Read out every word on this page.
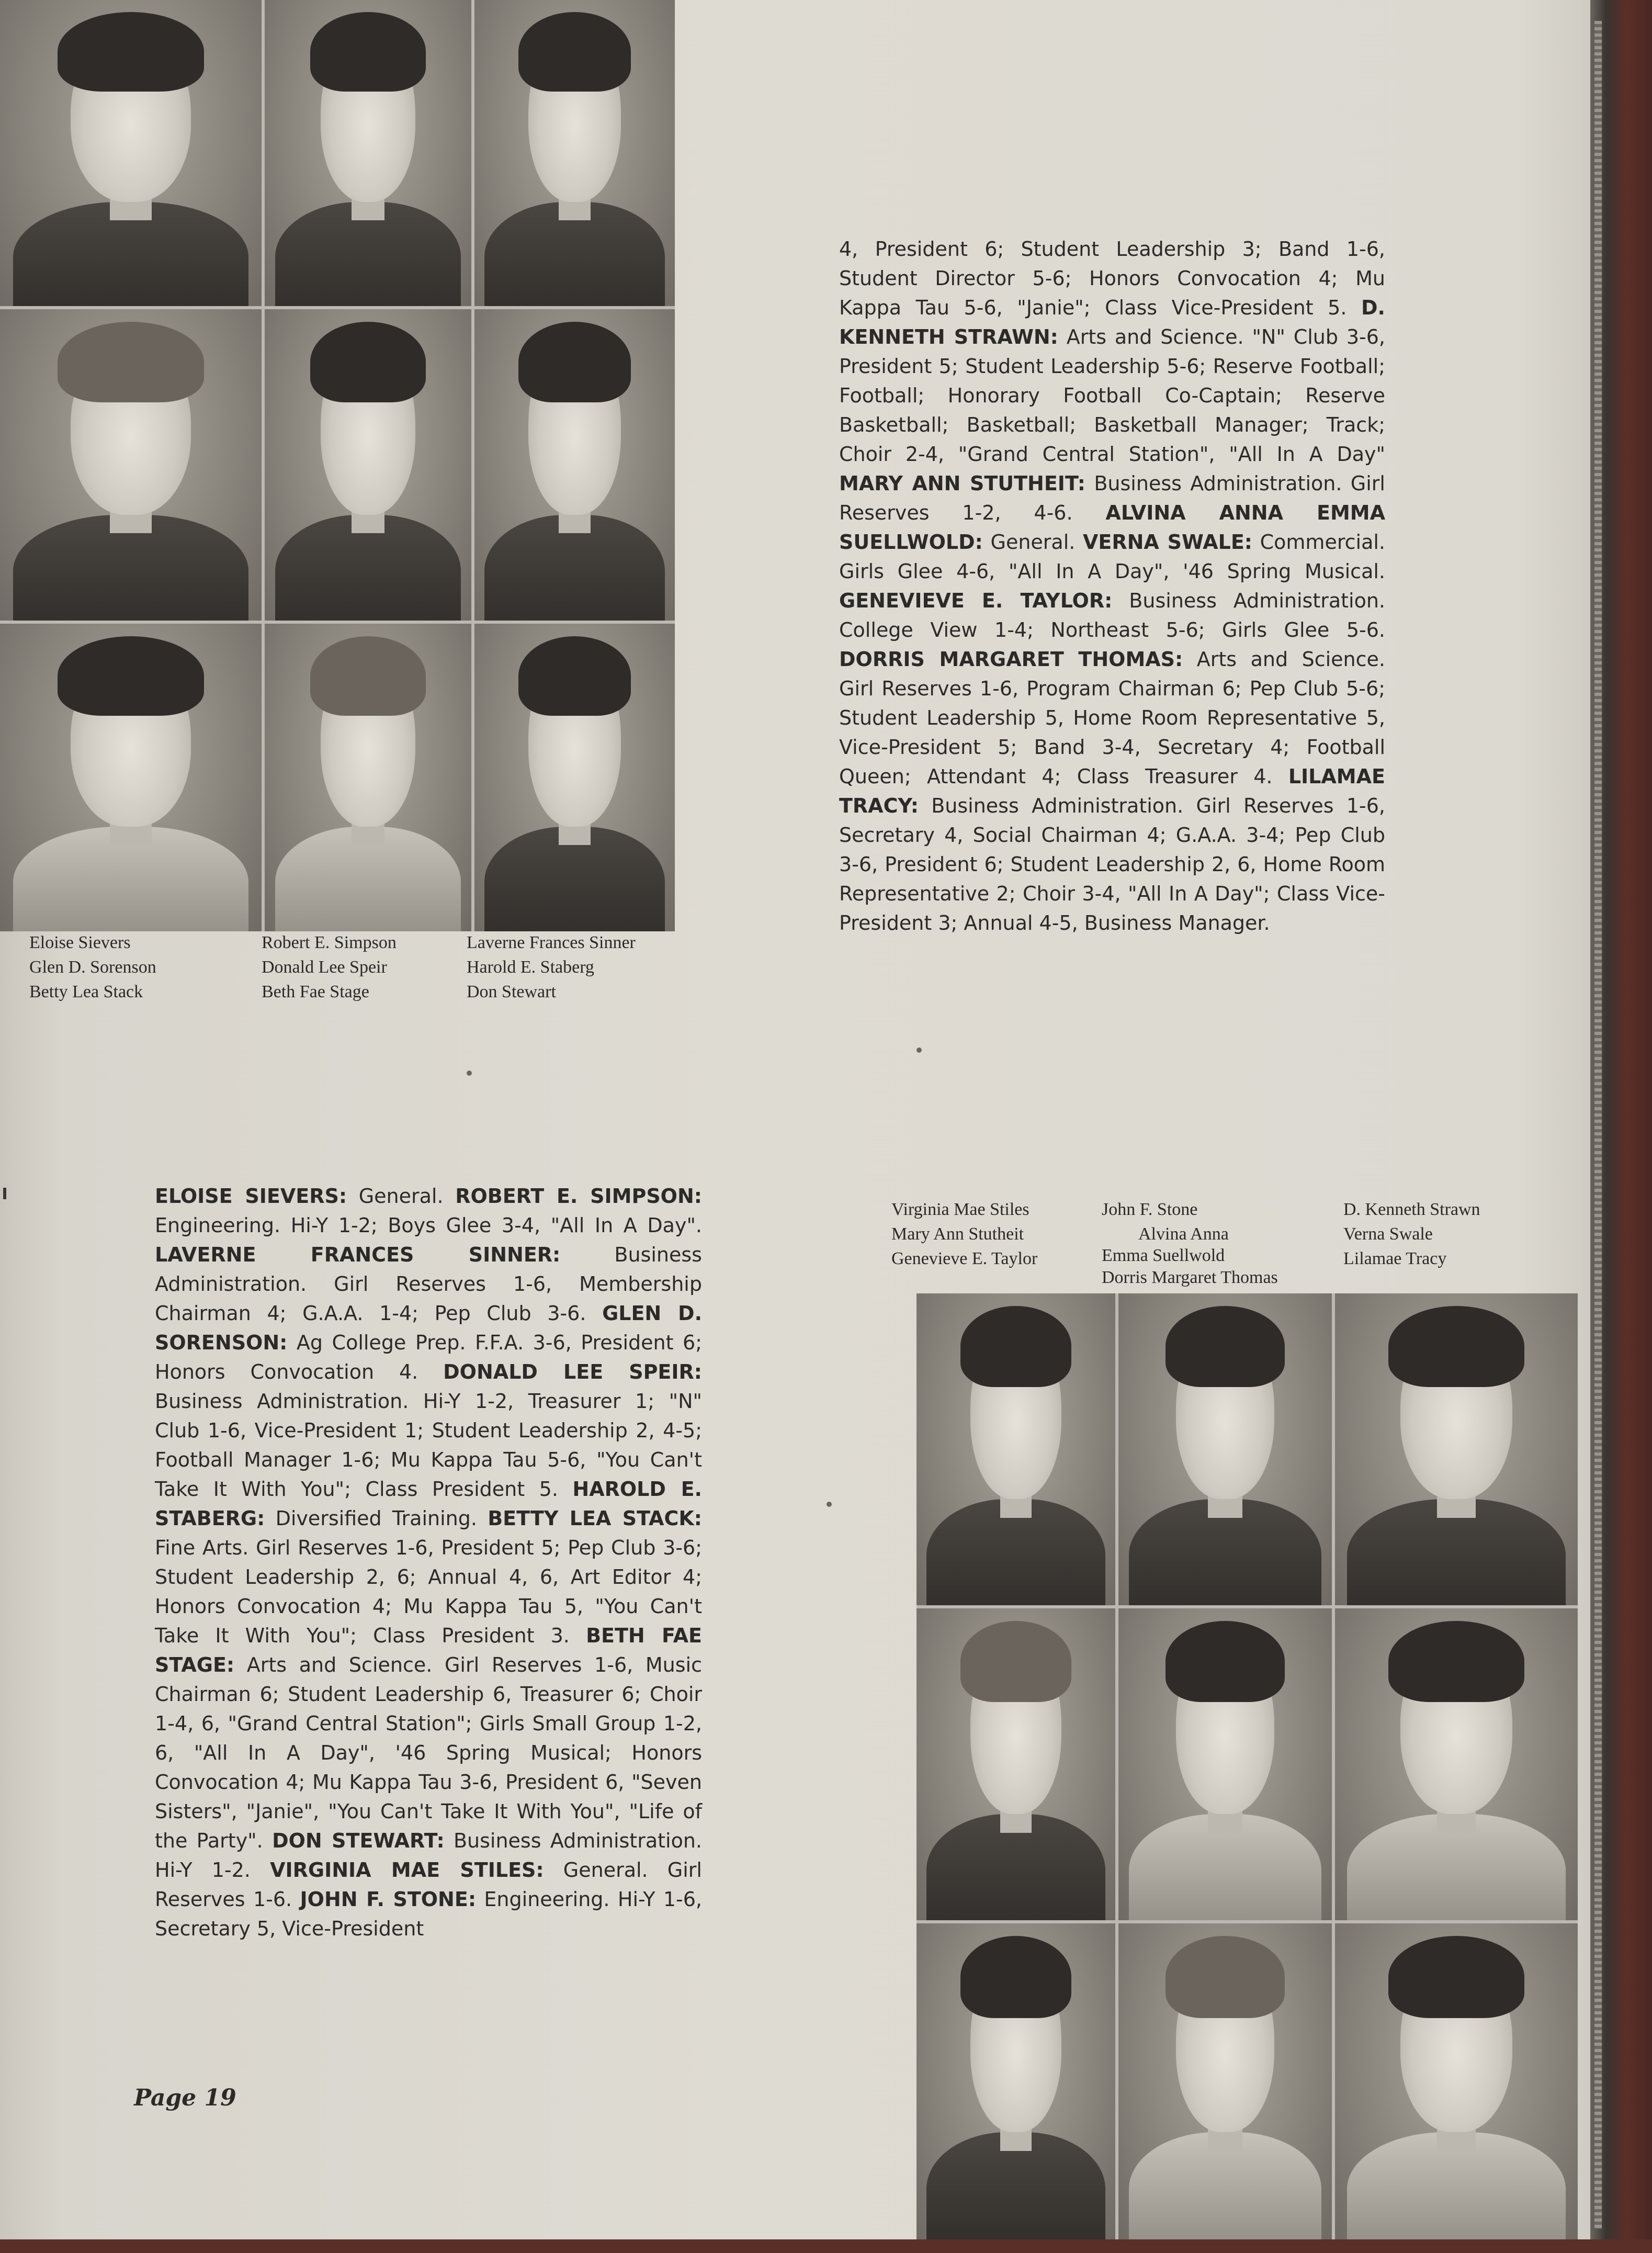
Eloise Sievers
Glen D. Sorenson
Betty Lea Stack
Robert E. Simpson
Donald Lee Speir
Beth Fae Stage
Laverne Frances Sinner
Harold E. Staberg
Don Stewart

4, President 6; Student Leadership 3; Band 1-6, Student Director 5-6; Honors Convocation 4; Mu Kappa Tau 5-6, "Janie"; Class Vice-President 5. D. KENNETH STRAWN: Arts and Science. "N" Club 3-6, President 5; Student Leadership 5-6; Reserve Football; Football; Honorary Football Co-Captain; Reserve Basketball; Basketball; Basketball Manager; Track; Choir 2-4, "Grand Central Station", "All In A Day" MARY ANN STUTHEIT: Business Administration. Girl Reserves 1-2, 4-6. ALVINA ANNA EMMA SUELLWOLD: General. VERNA SWALE: Commercial. Girls Glee 4-6, "All In A Day", '46 Spring Musical. GENEVIEVE E. TAYLOR: Business Administration. College View 1-4; Northeast 5-6; Girls Glee 5-6. DORRIS MARGARET THOMAS: Arts and Science. Girl Reserves 1-6, Program Chairman 6; Pep Club 5-6; Student Leadership 5, Home Room Representative 5, Vice-President 5; Band 3-4, Secretary 4; Football Queen; Attendant 4; Class Treasurer 4. LILAMAE TRACY: Business Administration. Girl Reserves 1-6, Secretary 4, Social Chairman 4; G.A.A. 3-4; Pep Club 3-6, President 6; Student Leadership 2, 6, Home Room Representative 2; Choir 3-4, "All In A Day"; Class Vice-President 3; Annual 4-5, Business Manager.

ELOISE SIEVERS: General. ROBERT E. SIMPSON: Engineering. Hi-Y 1-2; Boys Glee 3-4, "All In A Day". LAVERNE FRANCES SINNER: Business Administration. Girl Reserves 1-6, Membership Chairman 4; G.A.A. 1-4; Pep Club 3-6. GLEN D. SORENSON: Ag College Prep. F.F.A. 3-6, President 6; Honors Convocation 4. DONALD LEE SPEIR: Business Administration. Hi-Y 1-2, Treasurer 1; "N" Club 1-6, Vice-President 1; Student Leadership 2, 4-5; Football Manager 1-6; Mu Kappa Tau 5-6, "You Can't Take It With You"; Class President 5. HAROLD E. STABERG: Diversified Training. BETTY LEA STACK: Fine Arts. Girl Reserves 1-6, President 5; Pep Club 3-6; Student Leadership 2, 6; Annual 4, 6, Art Editor 4; Honors Convocation 4; Mu Kappa Tau 5, "You Can't Take It With You"; Class President 3. BETH FAE STAGE: Arts and Science. Girl Reserves 1-6, Music Chairman 6; Student Leadership 6, Treasurer 6; Choir 1-4, 6, "Grand Central Station"; Girls Small Group 1-2, 6, "All In A Day", '46 Spring Musical; Honors Convocation 4; Mu Kappa Tau 3-6, President 6, "Seven Sisters", "Janie", "You Can't Take It With You", "Life of the Party". DON STEWART: Business Administration. Hi-Y 1-2. VIRGINIA MAE STILES: General. Girl Reserves 1-6. JOHN F. STONE: Engineering. Hi-Y 1-6, Secretary 5, Vice-President

Virginia Mae Stiles
Mary Ann Stutheit
Genevieve E. Taylor
John F. Stone
Alvina Anna
Emma Suellwold
Dorris Margaret Thomas
D. Kenneth Strawn
Verna Swale
Lilamae Tracy
Page 19
